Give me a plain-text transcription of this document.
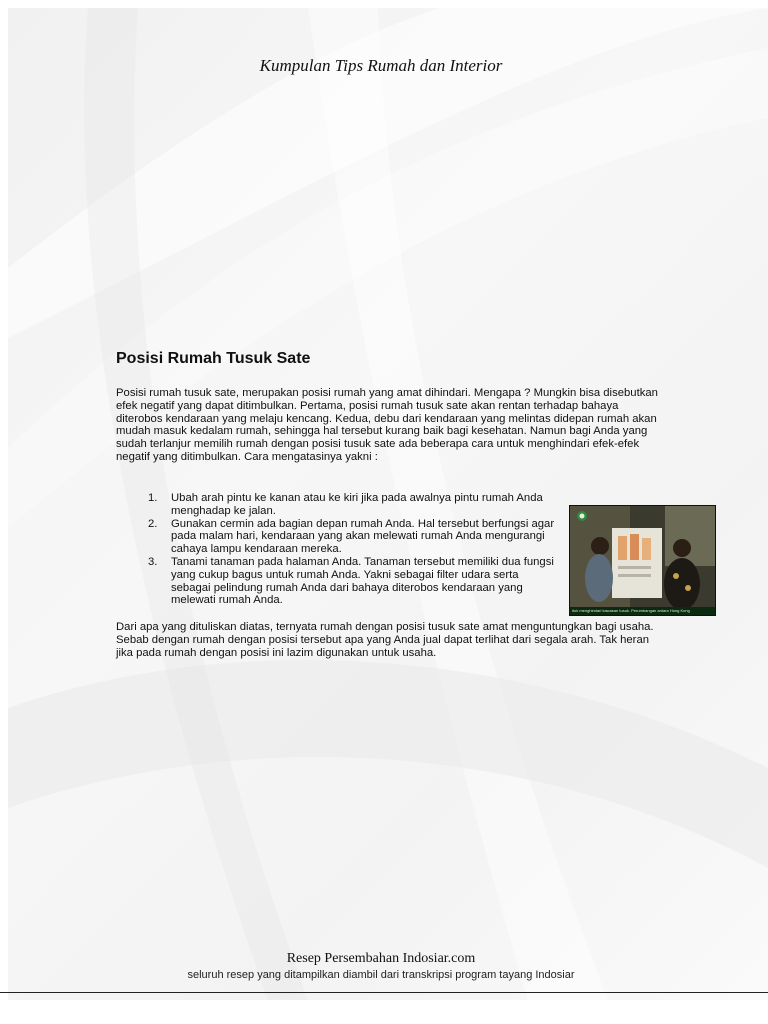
Kumpulan Tips Rumah dan Interior
Posisi Rumah Tusuk Sate

Posisi rumah tusuk sate, merupakan posisi rumah yang amat dihindari. Mengapa ? Mungkin bisa disebutkan efek negatif yang dapat ditimbulkan. Pertama, posisi rumah tusuk sate akan rentan terhadap bahaya diterobos kendaraan yang melaju kencang. Kedua, debu dari kendaraan yang melintas didepan rumah akan mudah masuk kedalam rumah, sehingga hal tersebut kurang baik bagi kesehatan. Namun bagi Anda yang sudah terlanjur memilih rumah dengan posisi tusuk sate ada beberapa cara untuk menghindari efek-efek negatif yang ditimbulkan. Cara mengatasinya yakni :

1. Ubah arah pintu ke kanan atau ke kiri jika pada awalnya pintu rumah Anda menghadap ke jalan.
2. Gunakan cermin ada bagian depan rumah Anda. Hal tersebut berfungsi agar pada malam hari, kendaraan yang akan melewati rumah Anda mengurangi cahaya lampu kendaraan mereka.
3. Tanami tanaman pada halaman Anda. Tanaman tersebut memiliki dua fungsi yang cukup bagus untuk rumah Anda. Yakni sebagai filter udara serta sebagai pelindung rumah Anda dari bahaya diterobos kendaraan yang melewati rumah Anda.
ituk menghindari kawasan tusuk. Perumbangan antara Hong Kong

Dari apa yang dituliskan diatas, ternyata rumah dengan posisi tusuk sate amat menguntungkan bagi usaha. Sebab dengan rumah dengan posisi tersebut apa yang Anda jual dapat terlihat dari segala arah. Tak heran jika pada rumah dengan posisi ini lazim digunakan untuk usaha.

Resep Persembahan Indosiar.com
seluruh resep yang ditampilkan diambil dari transkripsi program tayang Indosiar
